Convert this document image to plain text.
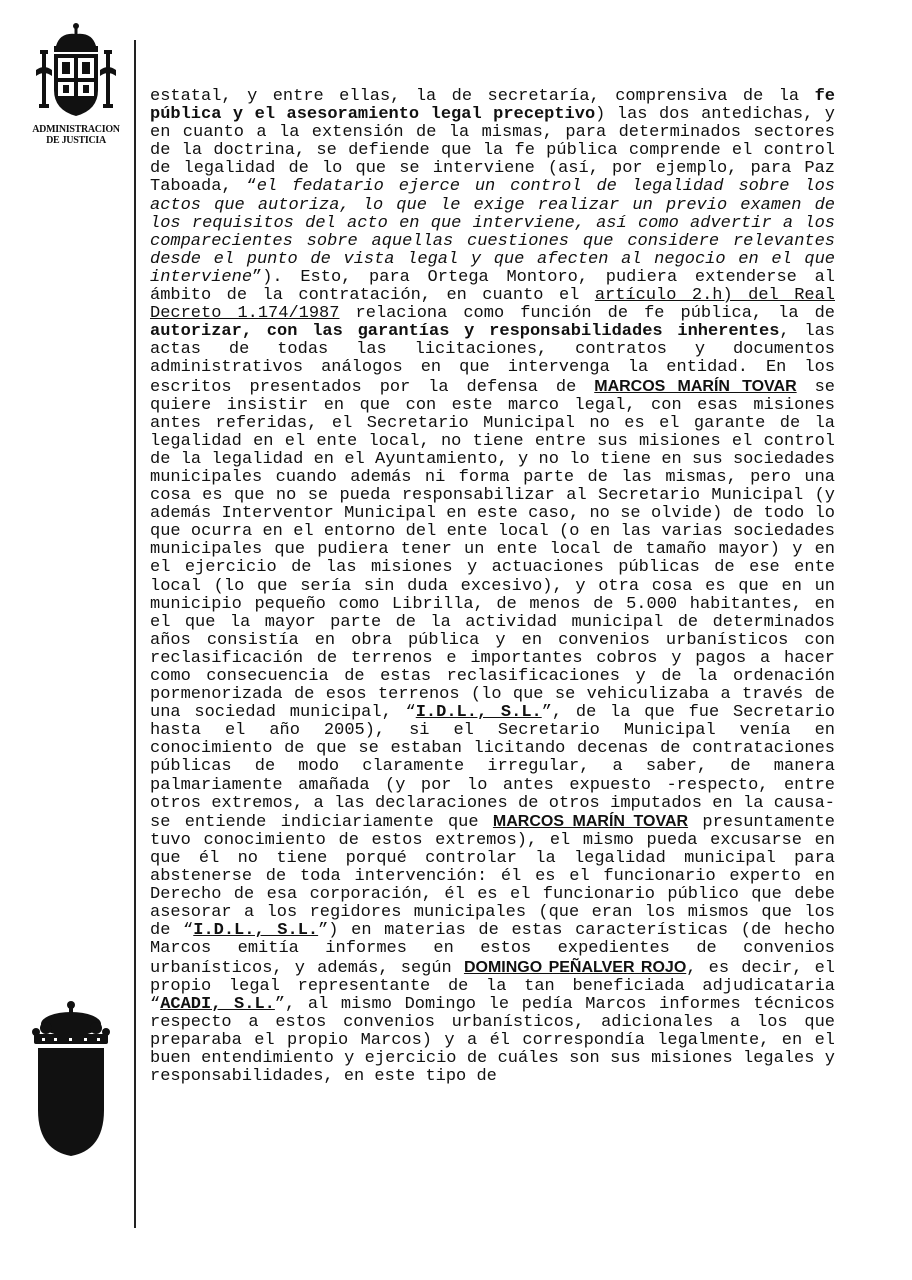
ADMINISTRACION
DE JUSTICIA

estatal, y entre ellas, la de secretaría, comprensiva de la fe pública y el asesoramiento legal preceptivo) las dos antedichas, y en cuanto a la extensión de la mismas, para determinados sectores de la doctrina, se defiende que la fe pública comprende el control de legalidad de lo que se interviene (así, por ejemplo, para Paz Taboada, “el fedatario ejerce un control de legalidad sobre los actos que autoriza, lo que le exige realizar un previo examen de los requisitos del acto en que interviene, así como advertir a los comparecientes sobre aquellas cuestiones que considere relevantes desde el punto de vista legal y que afecten al negocio en el que interviene”). Esto, para Ortega Montoro, pudiera extenderse al ámbito de la contratación, en cuanto el artículo 2.h) del Real Decreto 1.174/1987 relaciona como función de fe pública, la de autorizar, con las garantías y responsabilidades inherentes, las actas de todas las licitaciones, contratos y documentos administrativos análogos en que intervenga la entidad. En los escritos presentados por la defensa de MARCOS MARÍN TOVAR se quiere insistir en que con este marco legal, con esas misiones antes referidas, el Secretario Municipal no es el garante de la legalidad en el ente local, no tiene entre sus misiones el control de la legalidad en el Ayuntamiento, y no lo tiene en sus sociedades municipales cuando además ni forma parte de las mismas, pero una cosa es que no se pueda responsabilizar al Secretario Municipal (y además Interventor Municipal en este caso, no se olvide) de todo lo que ocurra en el entorno del ente local (o en las varias sociedades municipales que pudiera tener un ente local de tamaño mayor) y en el ejercicio de las misiones y actuaciones públicas de ese ente local (lo que sería sin duda excesivo), y otra cosa es que en un municipio pequeño como Librilla, de menos de 5.000 habitantes, en el que la mayor parte de la actividad municipal de determinados años consistía en obra pública y en convenios urbanísticos con reclasificación de terrenos e importantes cobros y pagos a hacer como consecuencia de estas reclasificaciones y de la ordenación pormenorizada de esos terrenos (lo que se vehiculizaba a través de una sociedad municipal, “I.D.L., S.L.”, de la que fue Secretario hasta el año 2005), si el Secretario Municipal venía en conocimiento de que se estaban licitando decenas de contrataciones públicas de modo claramente irregular, a saber, de manera palmariamente amañada (y por lo antes expuesto -respecto, entre otros extremos, a las declaraciones de otros imputados en la causa-se entiende indiciariamente que MARCOS MARÍN TOVAR presuntamente tuvo conocimiento de estos extremos), el mismo pueda excusarse en que él no tiene porqué controlar la legalidad municipal para abstenerse de toda intervención: él es el funcionario experto en Derecho de esa corporación, él es el funcionario público que debe asesorar a los regidores municipales (que eran los mismos que los de “I.D.L., S.L.”) en materias de estas características (de hecho Marcos emitía informes en estos expedientes de convenios urbanísticos, y además, según DOMINGO PEÑALVER ROJO, es decir, el propio legal representante de la tan beneficiada adjudicataria “ACADI, S.L.”, al mismo Domingo le pedía Marcos informes técnicos respecto a estos convenios urbanísticos, adicionales a los que preparaba el propio Marcos) y a él correspondía legalmente, en el buen entendimiento y ejercicio de cuáles son sus misiones legales y responsabilidades, en este tipo de
